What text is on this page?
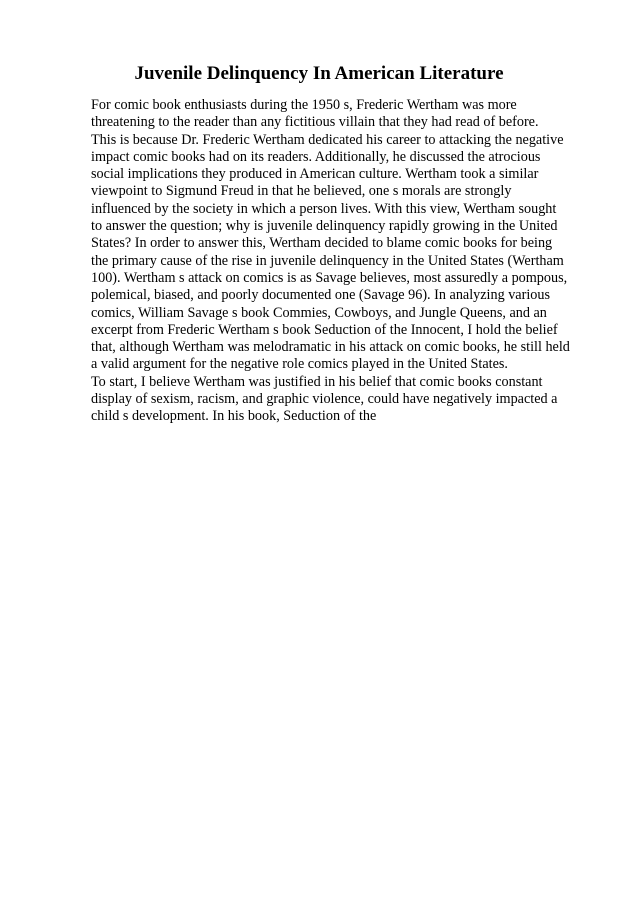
Juvenile Delinquency In American Literature
For comic book enthusiasts during the 1950 s, Frederic Wertham was more
threatening to the reader than any fictitious villain that they had read of before.
This is because Dr. Frederic Wertham dedicated his career to attacking the negative
impact comic books had on its readers. Additionally, he discussed the atrocious
social implications they produced in American culture. Wertham took a similar
viewpoint to Sigmund Freud in that he believed, one s morals are strongly
influenced by the society in which a person lives. With this view, Wertham sought
to answer the question; why is juvenile delinquency rapidly growing in the United
States? In order to answer this, Wertham decided to blame comic books for being
the primary cause of the rise in juvenile delinquency in the United States (Wertham
100). Wertham s attack on comics is as Savage believes, most assuredly a pompous,
polemical, biased, and poorly documented one (Savage 96). In analyzing various
comics, William Savage s book Commies, Cowboys, and Jungle Queens, and an
excerpt from Frederic Wertham s book Seduction of the Innocent, I hold the belief
that, although Wertham was melodramatic in his attack on comic books, he still held
a valid argument for the negative role comics played in the United States.
To start, I believe Wertham was justified in his belief that comic books constant
display of sexism, racism, and graphic violence, could have negatively impacted a
child s development. In his book, Seduction of the
